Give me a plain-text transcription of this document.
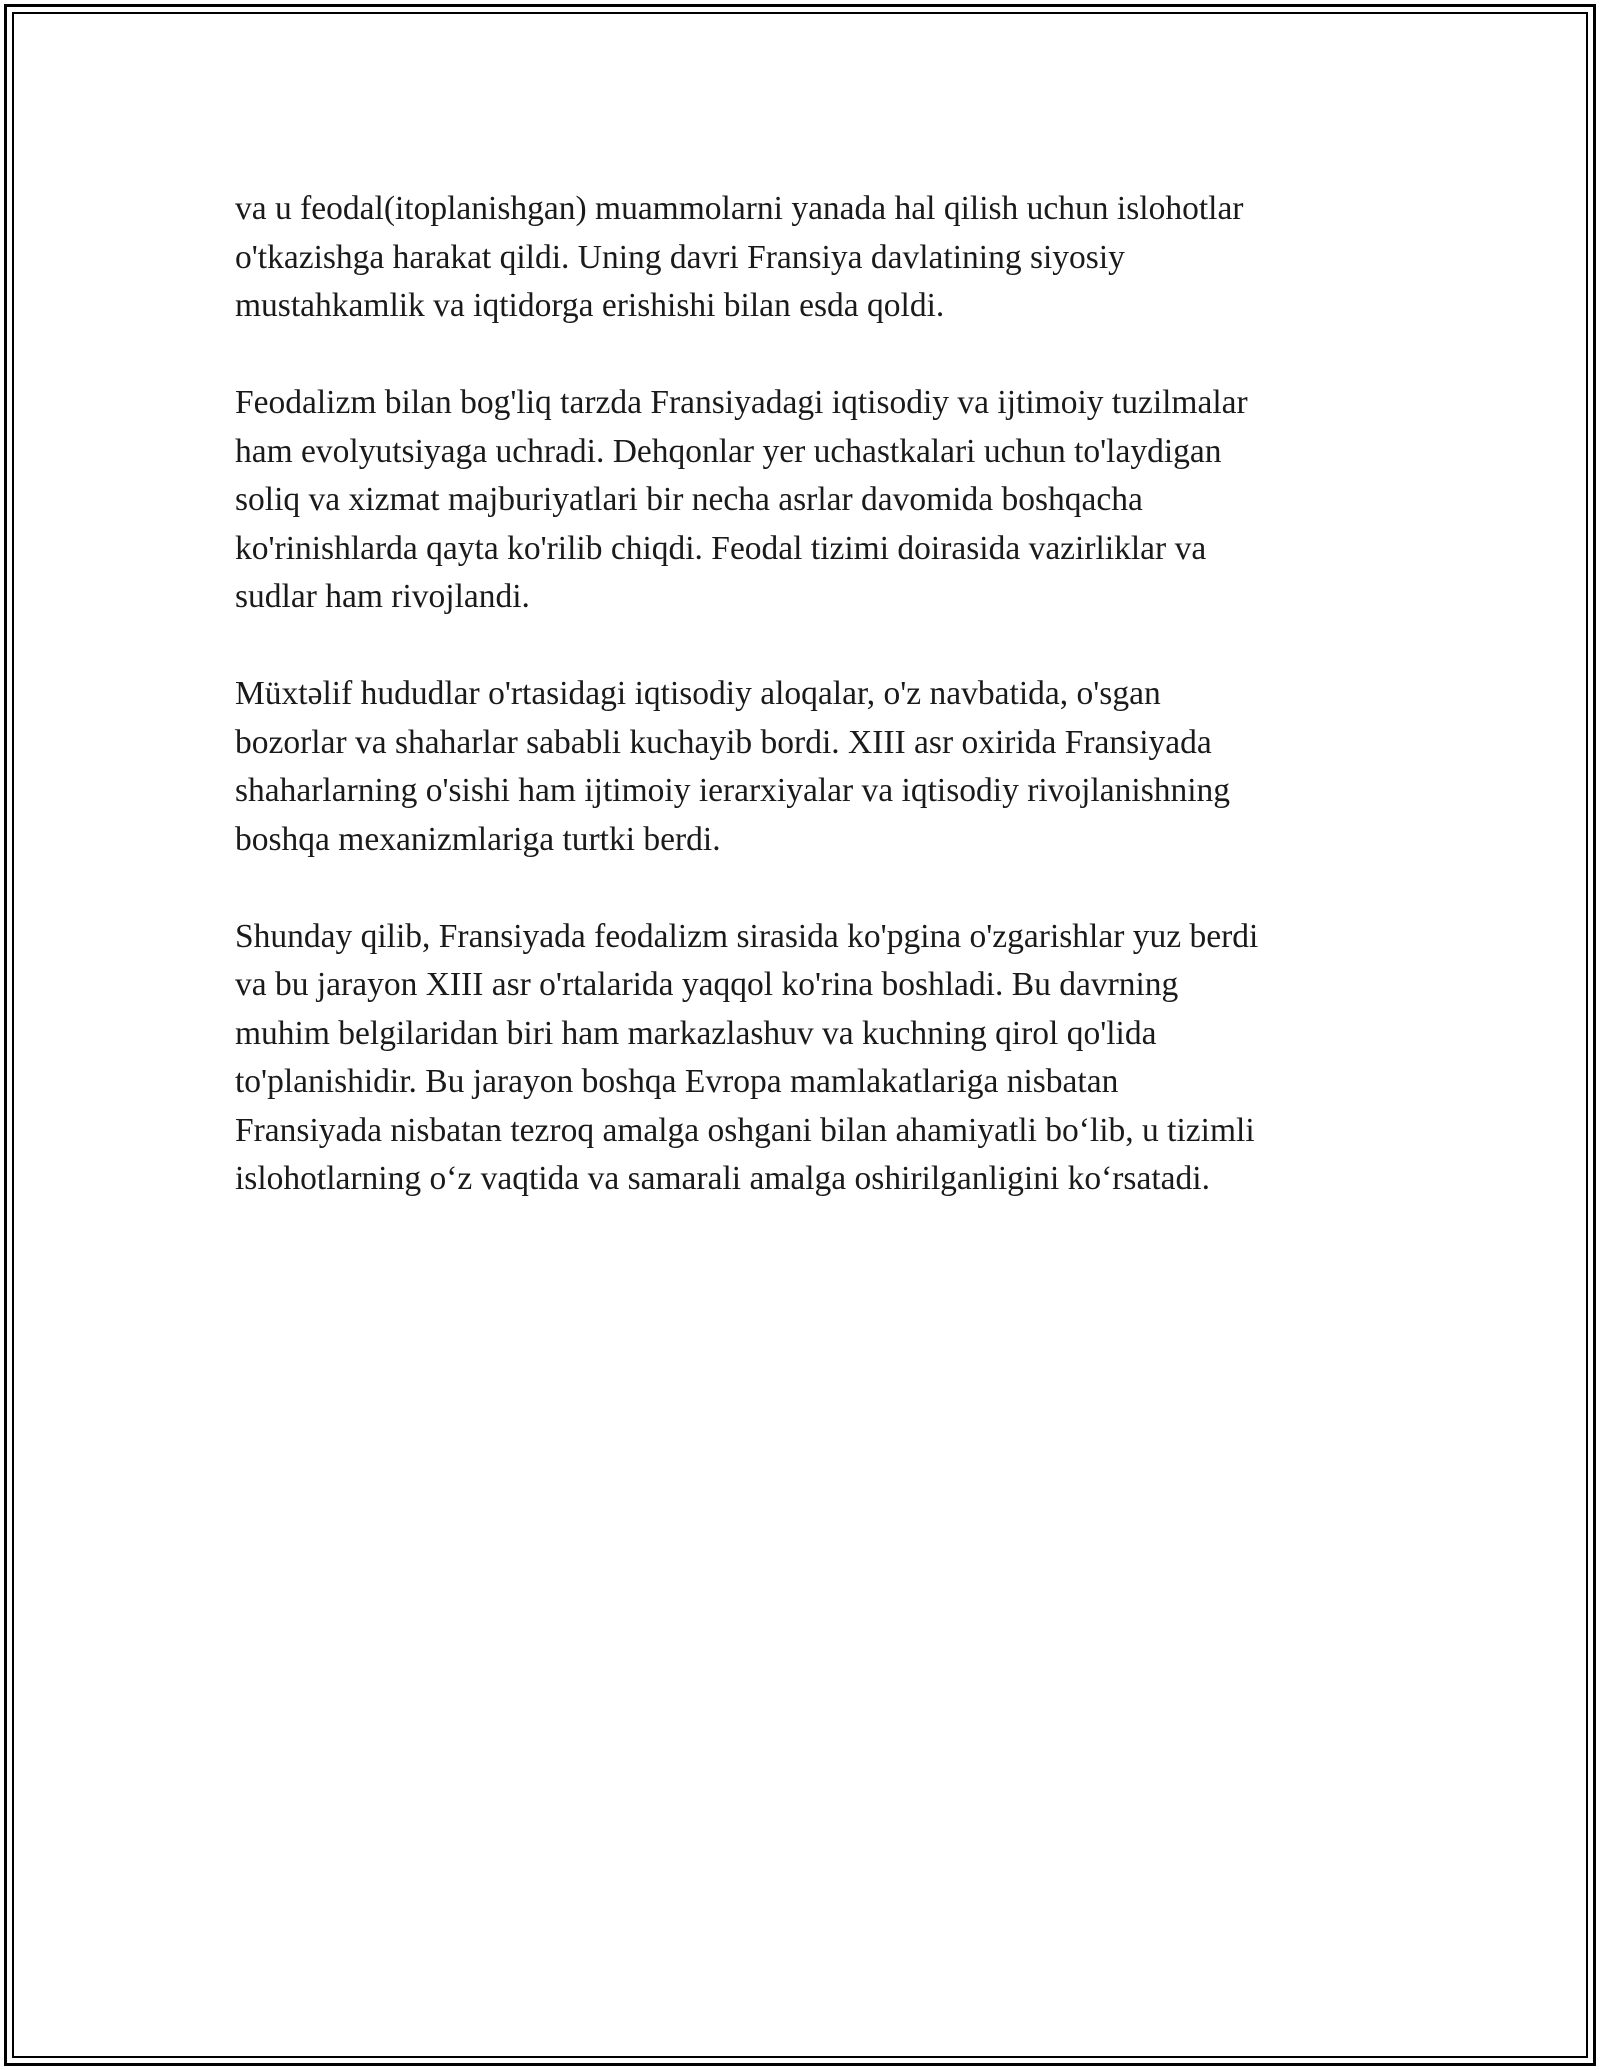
va u feodal(itoplanishgan) muammolarni yanada hal qilish uchun islohotlar
o'tkazishga harakat qildi. Uning davri Fransiya davlatining siyosiy
mustahkamlik va iqtidorga erishishi bilan esda qoldi.

Feodalizm bilan bog'liq tarzda Fransiyadagi iqtisodiy va ijtimoiy tuzilmalar
ham evolyutsiyaga uchradi. Dehqonlar yer uchastkalari uchun to'laydigan
soliq va xizmat majburiyatlari bir necha asrlar davomida boshqacha
ko'rinishlarda qayta ko'rilib chiqdi. Feodal tizimi doirasida vazirliklar va
sudlar ham rivojlandi.

Müxtəlif hududlar o'rtasidagi iqtisodiy aloqalar, o'z navbatida, o'sgan
bozorlar va shaharlar sababli kuchayib bordi. XIII asr oxirida Fransiyada
shaharlarning o'sishi ham ijtimoiy ierarxiyalar va iqtisodiy rivojlanishning
boshqa mexanizmlariga turtki berdi.

Shunday qilib, Fransiyada feodalizm sirasida ko'pgina o'zgarishlar yuz berdi
va bu jarayon XIII asr o'rtalarida yaqqol ko'rina boshladi. Bu davrning
muhim belgilaridan biri ham markazlashuv va kuchning qirol qo'lida
to'planishidir. Bu jarayon boshqa Evropa mamlakatlariga nisbatan
Fransiyada nisbatan tezroq amalga oshgani bilan ahamiyatli bo‘lib, u tizimli
islohotlarning o‘z vaqtida va samarali amalga oshirilganligini ko‘rsatadi.
